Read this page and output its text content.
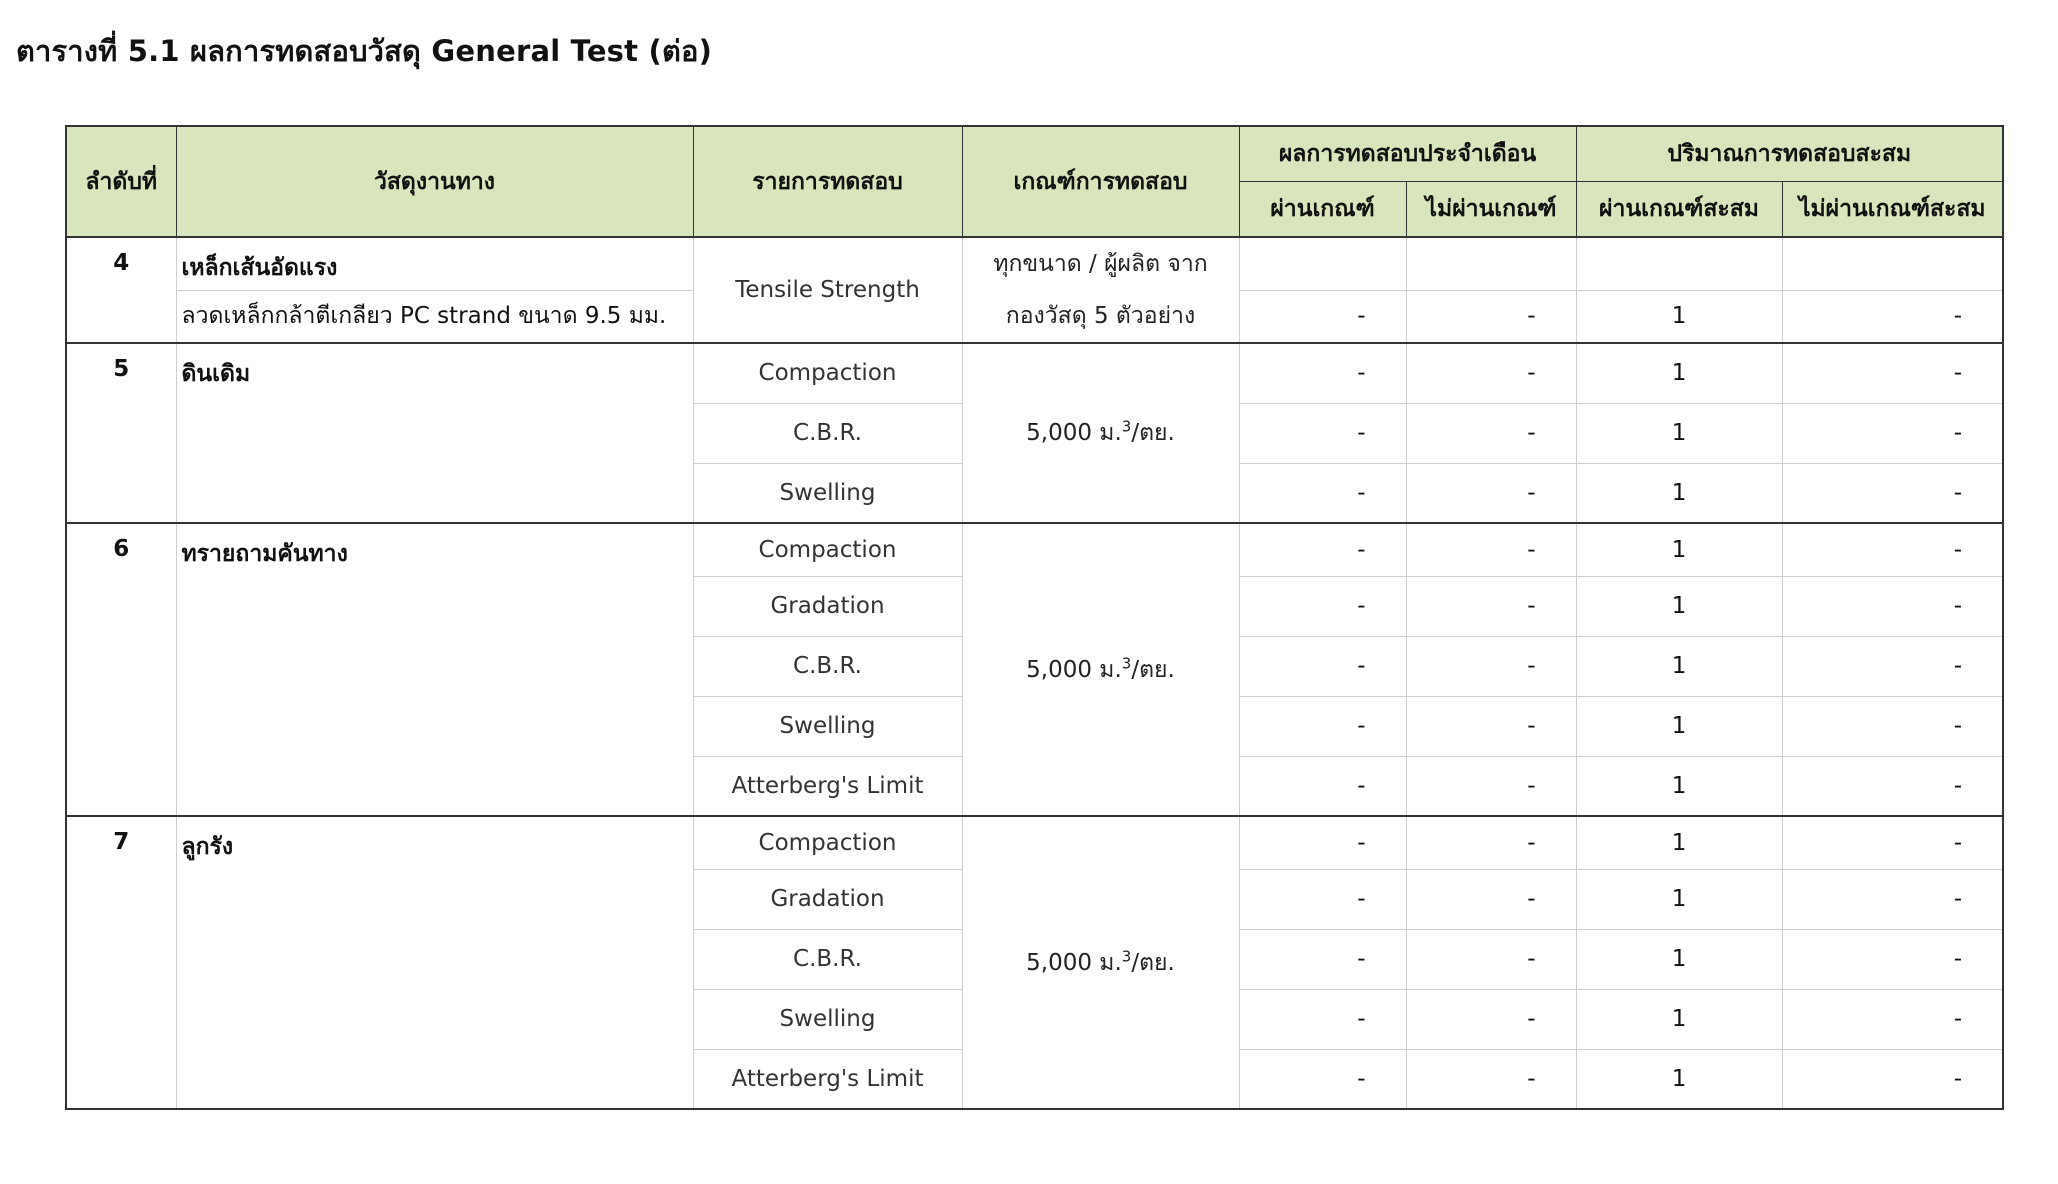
ตารางที่ 5.1 ผลการทดสอบวัสดุ General Test (ต่อ)
ลำดับที่	วัสดุงานทาง	รายการทดสอบ	เกณฑ์การทดสอบ	ผลการทดสอบประจำเดือน		ปริมาณการทดสอบสะสม	
				ผ่านเกณฑ์	ไม่ผ่านเกณฑ์	ผ่านเกณฑ์สะสม	ไม่ผ่านเกณฑ์สะสม
4	เหล็กเส้นอัดแรง	Tensile Strength	ทุกขนาด / ผู้ผลิต จาก
กองวัสดุ 5 ตัวอย่าง				

	ลวดเหล็กกล้าตีเกลียว PC strand ขนาด 9.5 มม.			-	-	1	-
5	ดินเดิม	Compaction	5,000 ม.$^3$/ตย.	-	-	1	-
		C.B.R.		-	-	1	-
		Swelling		-	-	1	-
6	ทรายถามคันทาง	Compaction	5,000 ม.$^3$/ตย.	-	-	1	-
		Gradation		-	-	1	-
		C.B.R.		-	-	1	-
		Swelling		-	-	1	-
		Atterberg's Limit		-	-	1	-
7	ลูกรัง	Compaction	5,000 ม.$^3$/ตย.	-	-	1	-
		Gradation		-	-	1	-
		C.B.R.		-	-	1	-
		Swelling		-	-	1	-
		Atterberg's Limit		-	-	1	-
